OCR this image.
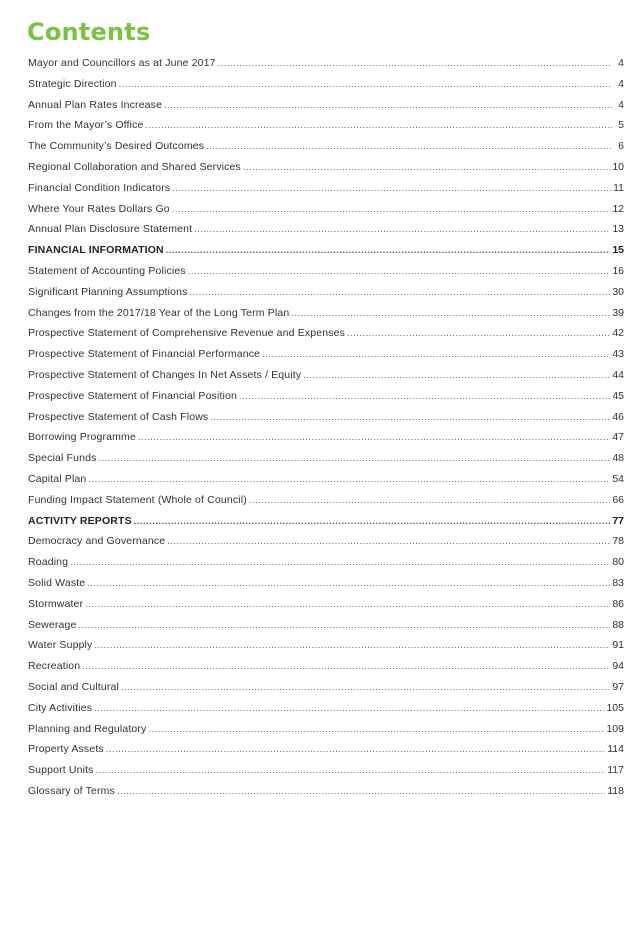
Contents
Mayor and Councillors as at June 2017 .....	4
Strategic Direction .....	4
Annual Plan Rates Increase .....	4
From the Mayor’s Office .....	5
The Community’s Desired Outcomes .....	6
Regional Collaboration and Shared Services .....	10
Financial Condition Indicators .....	11
Where Your Rates Dollars Go .....	12
Annual Plan Disclosure Statement .....	13
FINANCIAL INFORMATION .....	15
Statement of Accounting Policies .....	16
Significant Planning Assumptions .....	30
Changes from the 2017/18 Year of the Long Term Plan .....	39
Prospective Statement of Comprehensive Revenue and Expenses .....	42
Prospective Statement of Financial Performance .....	43
Prospective Statement of Changes In Net Assets / Equity .....	44
Prospective Statement of Financial Position .....	45
Prospective Statement of Cash Flows .....	46
Borrowing Programme .....	47
Special Funds .....	48
Capital Plan .....	54
Funding Impact Statement (Whole of Council) .....	66
ACTIVITY REPORTS .....	77
Democracy and Governance .....	78
Roading .....	80
Solid Waste .....	83
Stormwater .....	86
Sewerage .....	88
Water Supply .....	91
Recreation .....	94
Social and Cultural .....	97
City Activities .....	105
Planning and Regulatory .....	109
Property Assets .....	114
Support Units .....	117
Glossary of Terms .....	118
